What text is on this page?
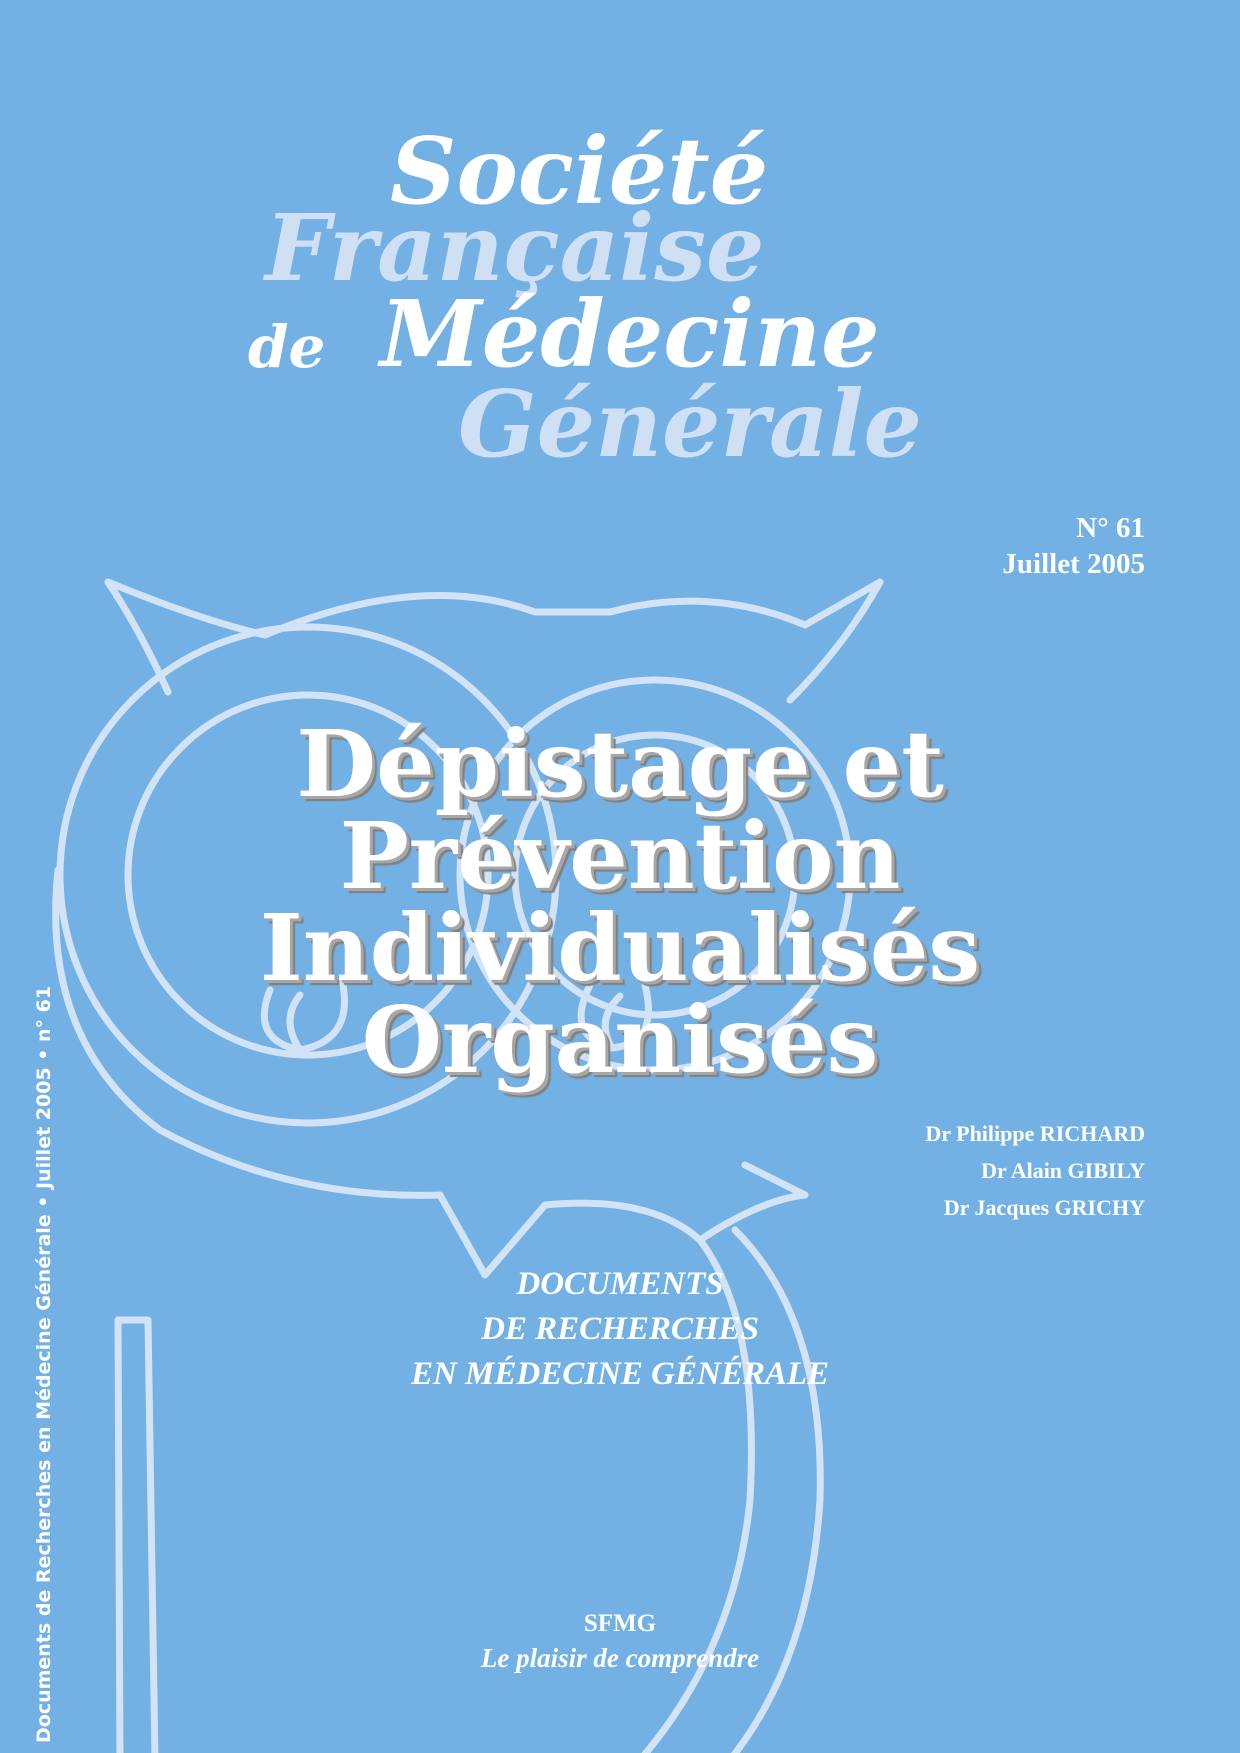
Société
Française
de Médecine
Générale
N° 61
Juillet 2005
Dépistage et
Prévention
Individualisés
Organisés
Dr Philippe RICHARD
Dr Alain GIBILY
Dr Jacques GRICHY
DOCUMENTS
DE RECHERCHES
EN MÉDECINE GÉNÉRALE
SFMG
Le plaisir de comprendre
Documents de Recherches en Médecine Générale • Juillet 2005 • n° 61
